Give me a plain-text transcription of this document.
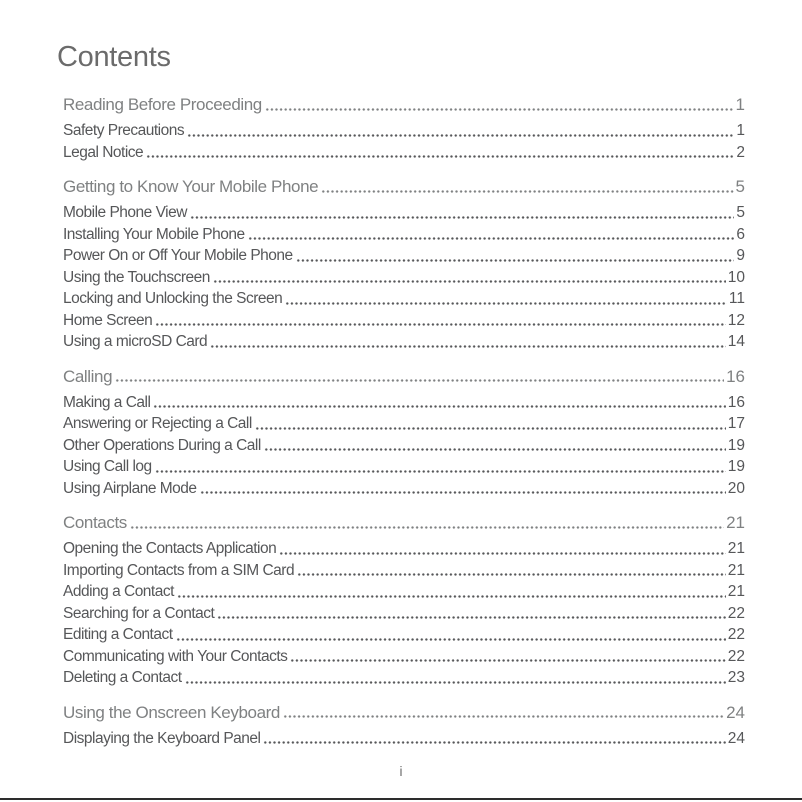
Contents
Reading Before Proceeding	1
Safety Precautions	1
Legal Notice	2
Getting to Know Your Mobile Phone	5
Mobile Phone View	5
Installing Your Mobile Phone	6
Power On or Off Your Mobile Phone	9
Using the Touchscreen	10
Locking and Unlocking the Screen	11
Home Screen	12
Using a microSD Card	14
Calling	16
Making a Call	16
Answering or Rejecting a Call	17
Other Operations During a Call	19
Using Call log	19
Using Airplane Mode	20
Contacts	21
Opening the Contacts Application	21
Importing Contacts from a SIM Card	21
Adding a Contact	21
Searching for a Contact	22
Editing a Contact	22
Communicating with Your Contacts	22
Deleting a Contact	23
Using the Onscreen Keyboard	24
Displaying the Keyboard Panel	24
i
